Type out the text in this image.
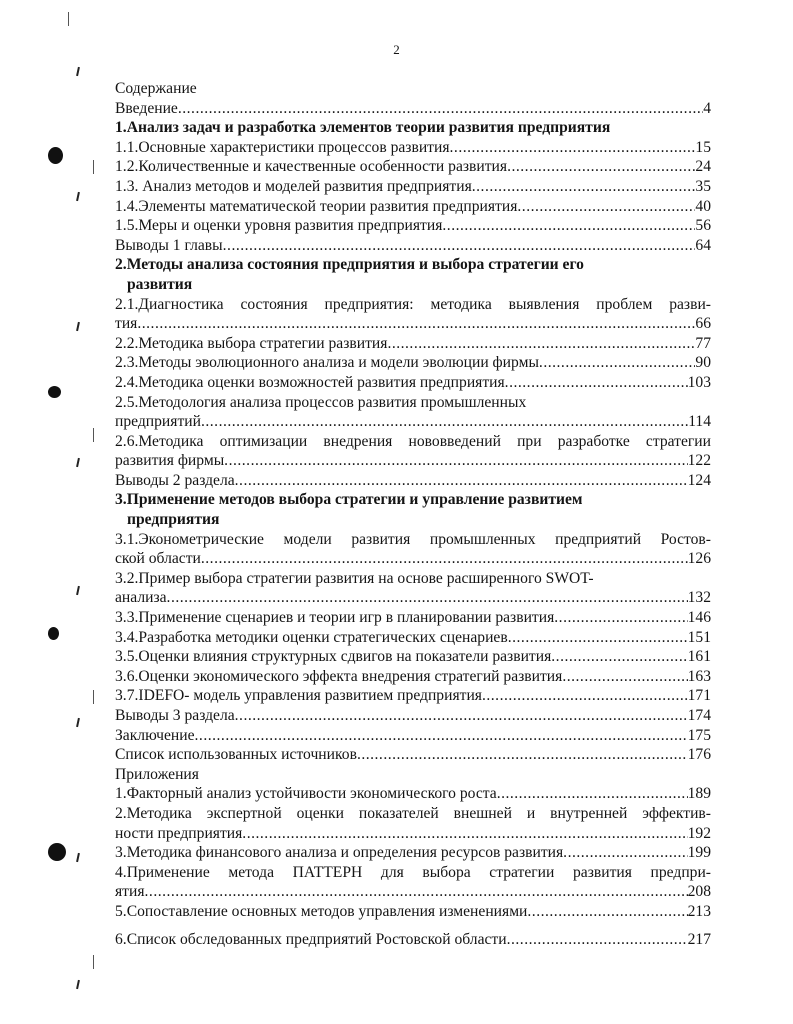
2
Содержание
Введение .....	4
1.Анализ задач и разработка элементов теории развития предприятия
1.1.Основные характеристики процессов развития .....	15
1.2.Количественные и качественные особенности развития .....	24
1.3. Анализ методов и моделей развития предприятия .....	35
1.4.Элементы математической теории развития предприятия .....	40
1.5.Меры и оценки уровня развития предприятия .....	56
Выводы 1 главы .....	64
2.Методы анализа состояния предприятия и выбора стратегии его
развития
2.1.Диагностика состояния предприятия: методика выявления проблем разви-
тия .....	66
2.2.Методика выбора стратегии развития .....	77
2.3.Методы эволюционного анализа и модели эволюции фирмы .....	90
2.4.Методика оценки возможностей развития предприятия .....	103
2.5.Методология анализа процессов развития промышленных
предприятий .....	114
2.6.Методика оптимизации внедрения нововведений при разработке стратегии
развития фирмы .....	122
Выводы 2 раздела .....	124
3.Применение методов выбора стратегии и управление развитием
предприятия
3.1.Эконометрические модели развития промышленных предприятий Ростов-
ской области .....	126
3.2.Пример выбора стратегии развития на основе расширенного SWOT-
анализа .....	132
3.3.Применение сценариев и теории игр в планировании развития .....	146
3.4.Разработка методики оценки стратегических сценариев .....	151
3.5.Оценки влияния структурных сдвигов на показатели развития .....	161
3.6.Оценки экономического эффекта внедрения стратегий развития .....	163
3.7.IDEFO- модель управления развитием предприятия .....	171
Выводы 3 раздела .....	174
Заключение .....	175
Список использованных источников .....	176
Приложения
1.Факторный анализ устойчивости экономического роста .....	189
2.Методика экспертной оценки показателей внешней и внутренней эффектив-
ности предприятия .....	192
3.Методика финансового анализа и определения ресурсов развития .....	199
4.Применение метода ПАТТЕРН для выбора стратегии развития предпри-
ятия .....	208
5.Сопоставление основных методов управления изменениями .....	213
6.Список обследованных предприятий Ростовской области .....	217
